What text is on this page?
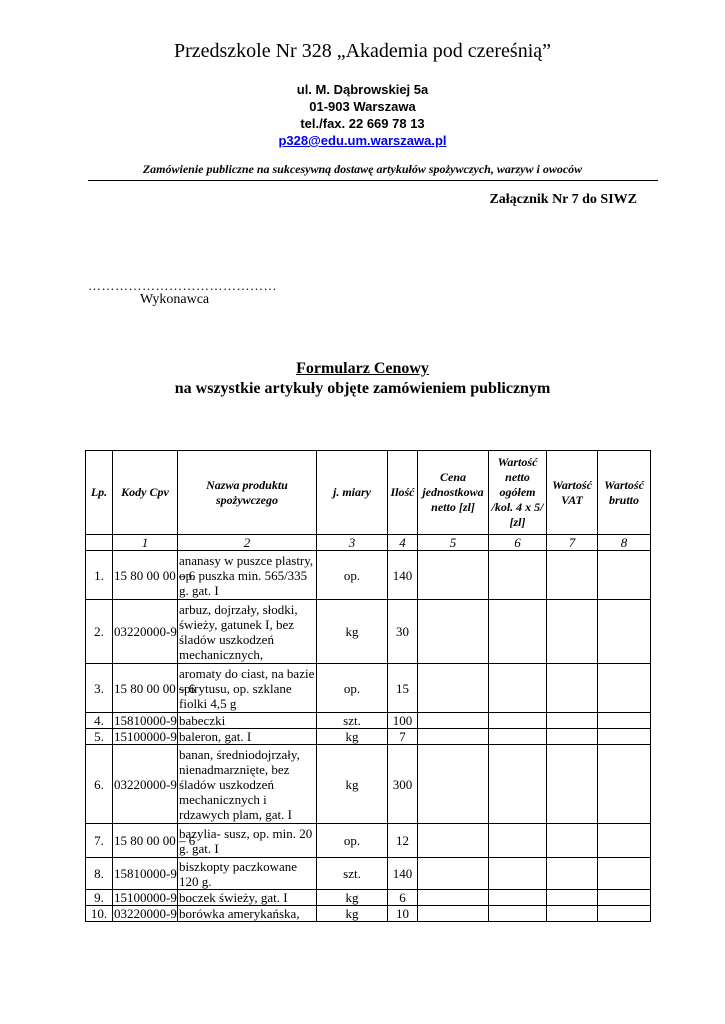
Przedszkole Nr 328 „Akademia pod czereśnią”
ul. M. Dąbrowskiej 5a
01-903 Warszawa
tel./fax. 22 669 78 13
p328@edu.um.warszawa.pl
Zamówienie publiczne na sukcesywną dostawę artykułów spożywczych, warzyw i owoców
Załącznik Nr 7 do SIWZ
……………………………………
Wykonawca
Formularz Cenowy
na wszystkie artykuły objęte zamówieniem publicznym
Lp.	Kody Cpv	Nazwa produktu spożywczego	j. miary	Ilość	Cena jednostkowa netto [zl]	Wartość netto ogółem /kol. 4 x 5/ [zl]	Wartość VAT	Wartość brutto
	1	2	3	4	5	6	7	8
1.	15 80 00 00 – 6	ananasy w puszce plastry, op. puszka min. 565/335 g. gat. I	op.	140				
2.	03220000-9	arbuz, dojrzały, słodki, świeży, gatunek I, bez śladów uszkodzeń mechanicznych,	kg	30				
3.	15 80 00 00 – 6	aromaty do ciast, na bazie spirytusu, op. szklane fiolki 4,5 g	op.	15				
4.	15810000-9	babeczki	szt.	100				
5.	15100000-9	baleron, gat. I	kg	7				
6.	03220000-9	banan, średniodojrzały, nienadmarznięte, bez śladów uszkodzeń mechanicznych i rdzawych plam, gat. I	kg	300				
7.	15 80 00 00 – 6	bazylia- susz, op. min. 20 g. gat. I	op.	12				
8.	15810000-9	biszkopty paczkowane 120 g.	szt.	140				
9.	15100000-9	boczek świeży, gat. I	kg	6				
10.	03220000-9	borówka amerykańska,	kg	10				
